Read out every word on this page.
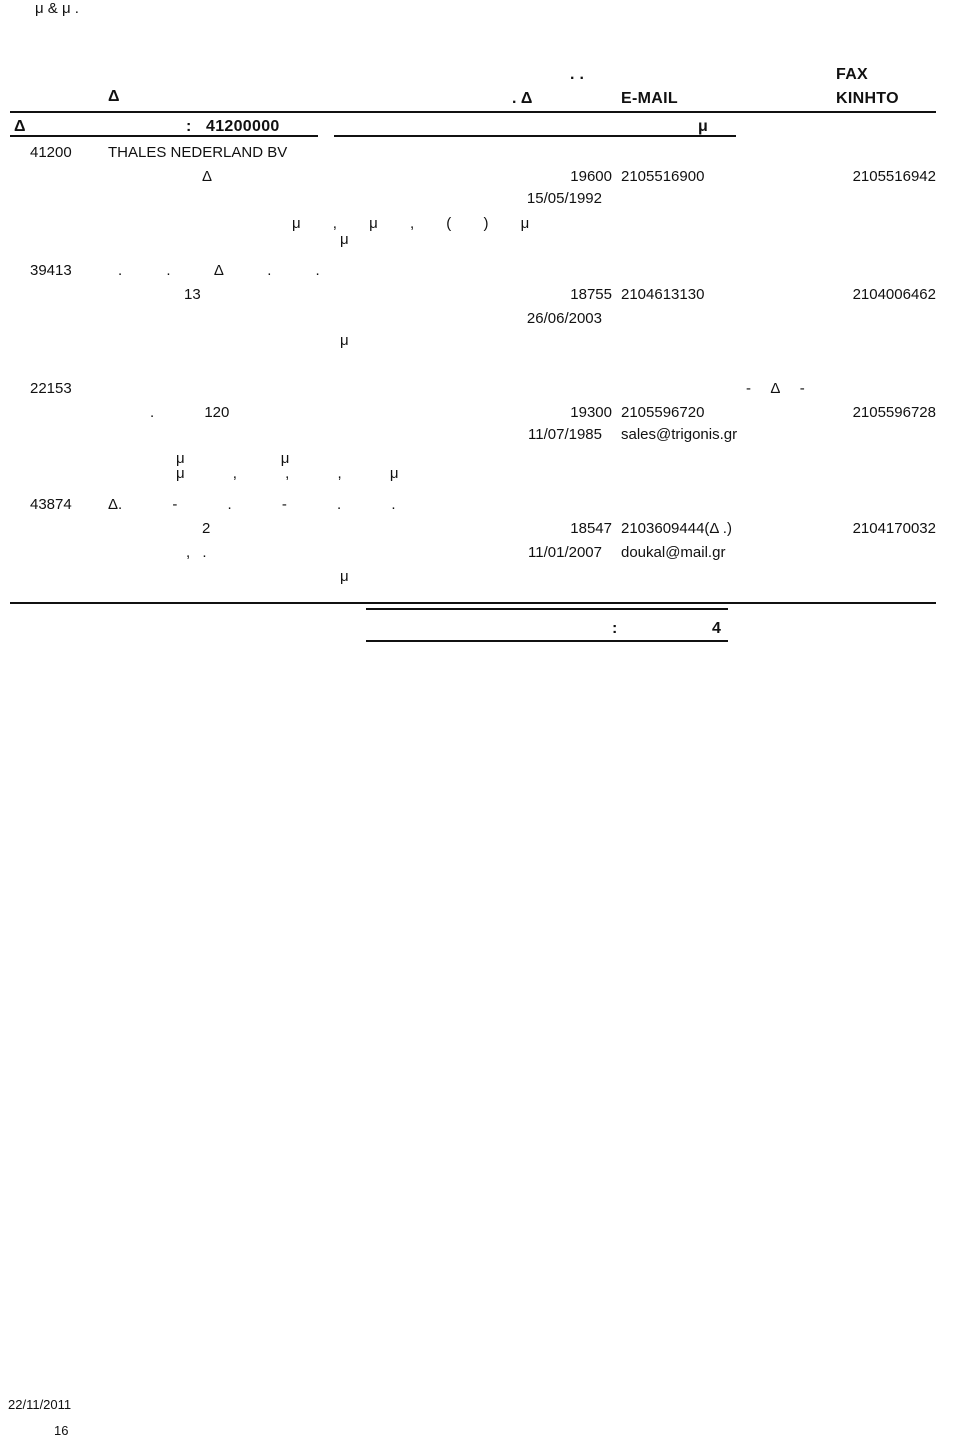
μ & μ .
. .	FAX
Δ	. Δ	E-MAIL	ΚΙΝΗΤΟ
Δ	: 41200000	μ
41200 THALES NEDERLAND BV
Δ	19600 2105516900	2105516942
15/05/1992
μ , μ , ( ) μ
μ
39413	. . Δ . .
13	18755 2104613130	2104006462
26/06/2003
μ
22153	- Δ -
. 120	19300 2105596720	2105596728
11/07/1985 sales@trigonis.gr
μ μ
μ , , , μ
43874 Δ. - . - . .
2	18547 2103609444(Δ .)	2104170032
, .	11/01/2007 doukal@mail.gr
μ
:	4
22/11/2011
16
